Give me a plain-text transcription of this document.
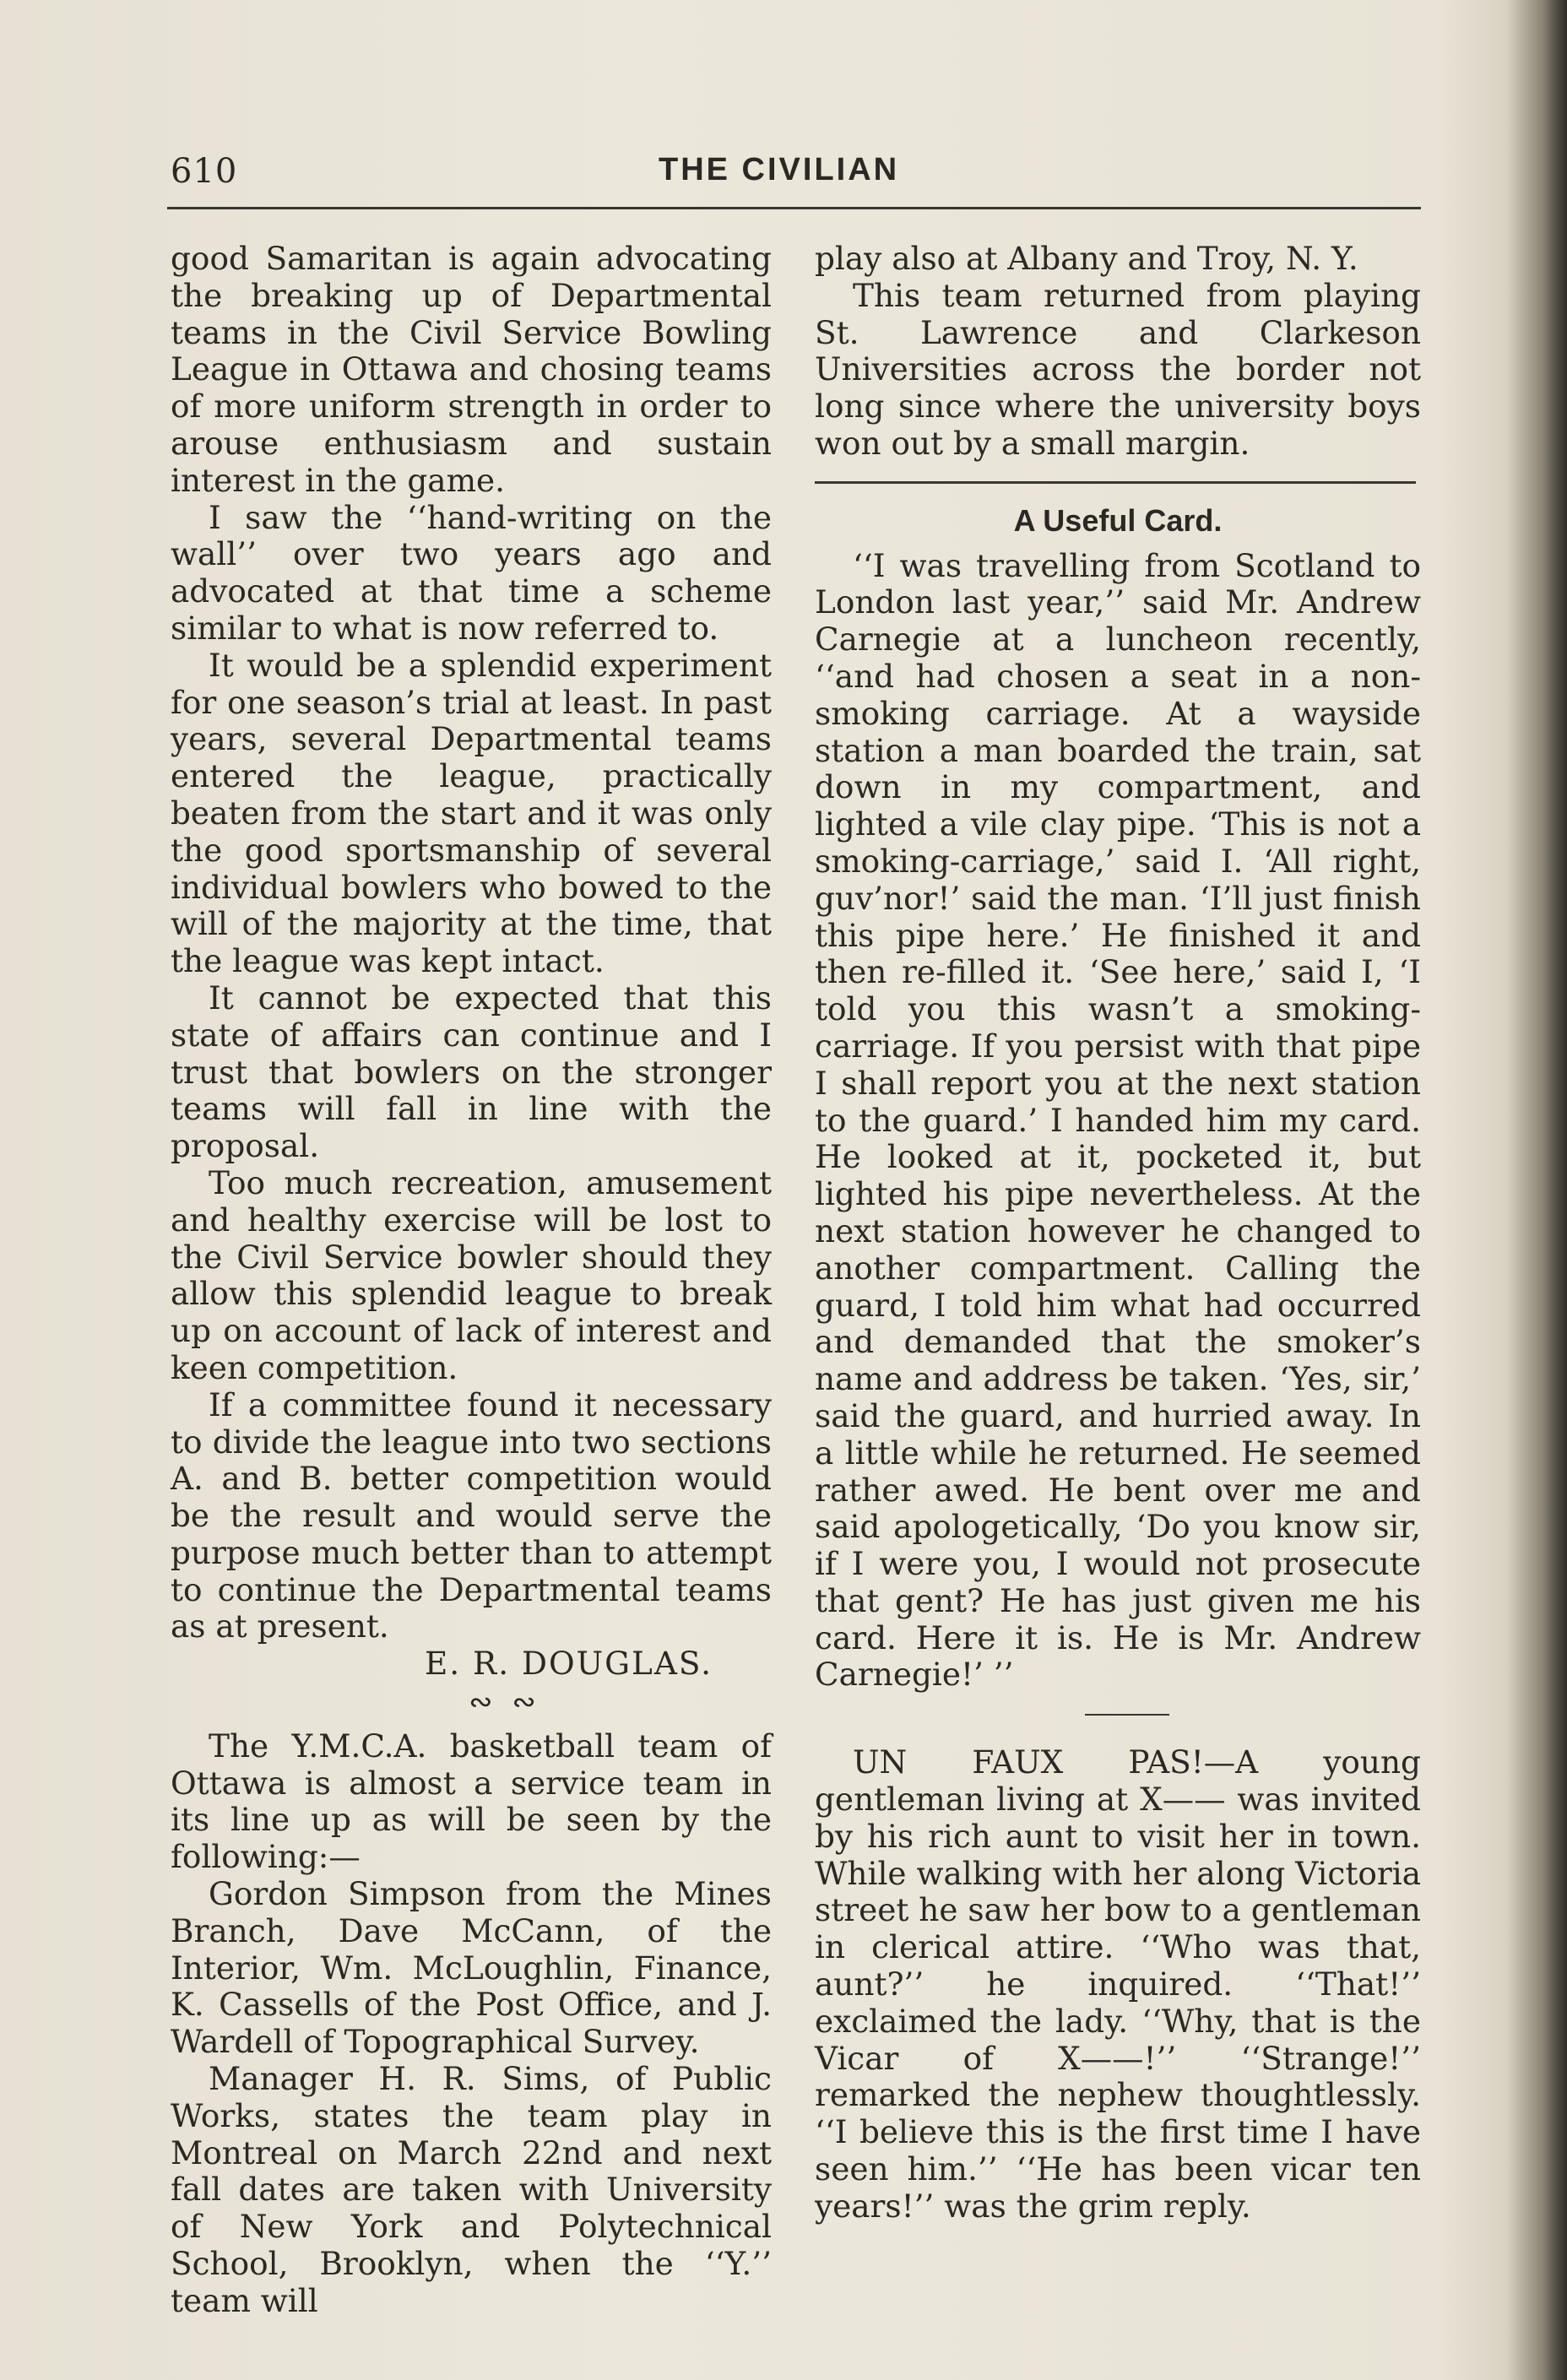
610	THE CIVILIAN

good Samaritan is again advocating the breaking up of Departmental teams in the Civil Service Bowling League in Ottawa and chosing teams of more uniform strength in order to arouse enthusiasm and sustain interest in the game.

I saw the ‘‘hand-writing on the wall’’ over two years ago and advocated at that time a scheme similar to what is now referred to.

It would be a splendid experiment for one season’s trial at least. In past years, several Departmental teams entered the league, practically beaten from the start and it was only the good sportsmanship of several individual bowlers who bowed to the will of the majority at the time, that the league was kept intact.

It cannot be expected that this state of affairs can continue and I trust that bowlers on the stronger teams will fall in line with the proposal.

Too much recreation, amusement and healthy exercise will be lost to the Civil Service bowler should they allow this splendid league to break up on account of lack of interest and keen competition.

If a committee found it necessary to divide the league into two sections A. and B. better competition would be the result and would serve the purpose much better than to attempt to continue the Departmental teams as at present.

E. R. DOUGLAS.

∾ ∾

The Y.M.C.A. basketball team of Ottawa is almost a service team in its line up as will be seen by the following:—

Gordon Simpson from the Mines Branch, Dave McCann, of the Interior, Wm. McLoughlin, Finance, K. Cassells of the Post Office, and J. Wardell of Topographical Survey.

Manager H. R. Sims, of Public Works, states the team play in Montreal on March 22nd and next fall dates are taken with University of New York and Polytechnical School, Brooklyn, when the ‘‘Y.’’ team will

play also at Albany and Troy, N. Y.

This team returned from playing St. Lawrence and Clarkeson Universities across the border not long since where the university boys won out by a small margin.

A Useful Card.

‘‘I was travelling from Scotland to London last year,’’ said Mr. Andrew Carnegie at a luncheon recently, ‘‘and had chosen a seat in a non-smoking carriage. At a wayside station a man boarded the train, sat down in my compartment, and lighted a vile clay pipe. ‘This is not a smoking-carriage,’ said I. ‘All right, guv’nor!’ said the man. ‘I’ll just finish this pipe here.’ He finished it and then re-filled it. ‘See here,’ said I, ‘I told you this wasn’t a smoking-carriage. If you persist with that pipe I shall report you at the next station to the guard.’ I handed him my card. He looked at it, pocketed it, but lighted his pipe nevertheless. At the next station however he changed to another compartment. Calling the guard, I told him what had occurred and demanded that the smoker’s name and address be taken. ‘Yes, sir,’ said the guard, and hurried away. In a little while he returned. He seemed rather awed. He bent over me and said apologetically, ‘Do you know sir, if I were you, I would not prosecute that gent? He has just given me his card. Here it is. He is Mr. Andrew Carnegie!’ ’’

UN FAUX PAS!—A young gentleman living at X—— was invited by his rich aunt to visit her in town. While walking with her along Victoria street he saw her bow to a gentleman in clerical attire. ‘‘Who was that, aunt?’’ he inquired. ‘‘That!’’ exclaimed the lady. ‘‘Why, that is the Vicar of X——!’’ ‘‘Strange!’’ remarked the nephew thoughtlessly. ‘‘I believe this is the first time I have seen him.’’ ‘‘He has been vicar ten years!’’ was the grim reply.
